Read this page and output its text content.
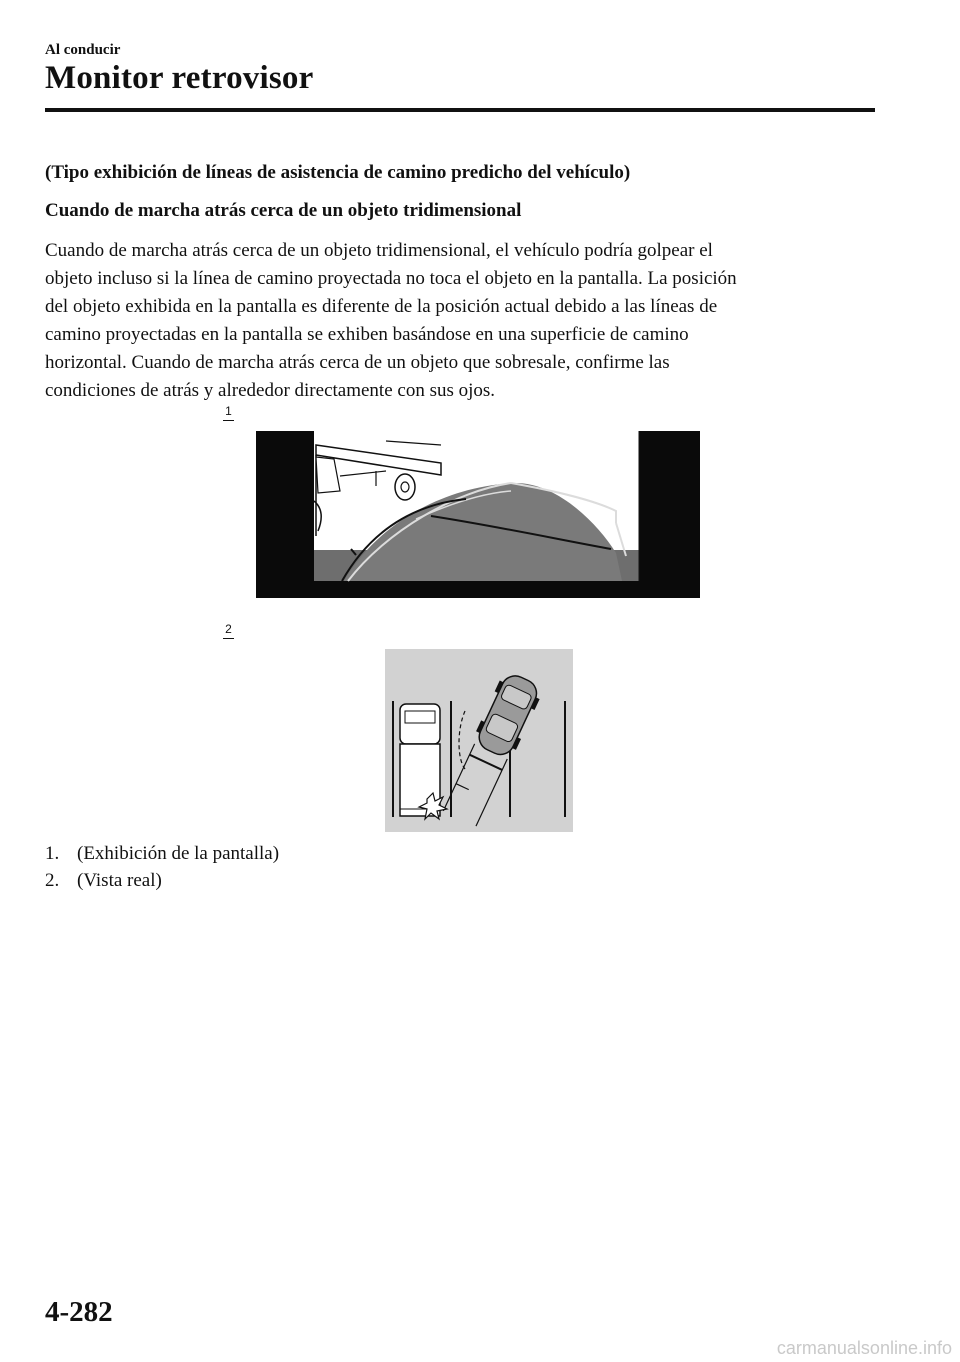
Al conducir
Monitor retrovisor
(Tipo exhibición de líneas de asistencia de camino predicho del vehículo)
Cuando de marcha atrás cerca de un objeto tridimensional
Cuando de marcha atrás cerca de un objeto tridimensional, el vehículo podría golpear el
objeto incluso si la línea de camino proyectada no toca el objeto en la pantalla. La posición
del objeto exhibida en la pantalla es diferente de la posición actual debido a las líneas de
camino proyectadas en la pantalla se exhiben basándose en una superficie de camino
horizontal. Cuando de marcha atrás cerca de un objeto que sobresale, confirme las
condiciones de atrás y alrededor directamente con sus ojos.
1
2
1. (Exhibición de la pantalla)
2. (Vista real)
4-282
carmanualsonline.info
